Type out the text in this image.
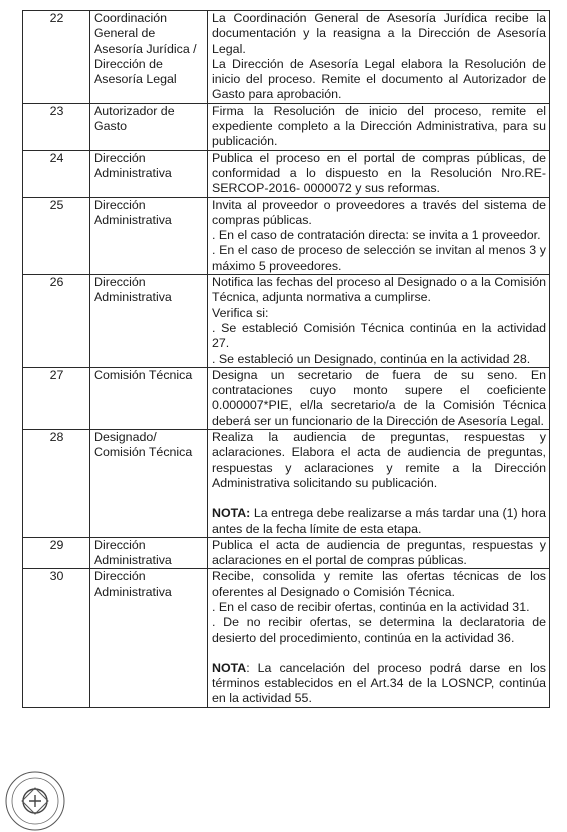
22	Coordinación General de Asesoría Jurídica / Dirección de Asesoría Legal	La Coordinación General de Asesoría Jurídica recibe la documentación y la reasigna a la Dirección de Asesoría Legal.
La Dirección de Asesoría Legal elabora la Resolución de inicio del proceso. Remite el documento al Autorizador de Gasto para aprobación.

23	Autorizador de Gasto	Firma la Resolución de inicio del proceso, remite el expediente completo a la Dirección Administrativa, para su publicación.

24	Dirección Administrativa	Publica el proceso en el portal de compras públicas, de conformidad a lo dispuesto en la Resolución Nro.RE-SERCOP-2016- 0000072 y sus reformas.

25	Dirección Administrativa	Invita al proveedor o proveedores a través del sistema de compras públicas.
. En el caso de contratación directa: se invita a 1 proveedor.
. En el caso de proceso de selección se invitan al menos 3 y máximo 5 proveedores.

26	Dirección Administrativa	Notifica las fechas del proceso al Designado o a la Comisión Técnica, adjunta normativa a cumplirse.
Verifica si:
. Se estableció Comisión Técnica continúa en la actividad 27.
. Se estableció un Designado, continúa en la actividad 28.

27	Comisión Técnica	Designa un secretario de fuera de su seno. En contrataciones cuyo monto supere el coeficiente 0.000007*PIE, el/la secretario/a de la Comisión Técnica deberá ser un funcionario de la Dirección de Asesoría Legal.

28	Designado/ Comisión Técnica	Realiza la audiencia de preguntas, respuestas y aclaraciones. Elabora el acta de audiencia de preguntas, respuestas y aclaraciones y remite a la Dirección Administrativa solicitando su publicación.
NOTA: La entrega debe realizarse a más tardar una (1) hora antes de la fecha límite de esta etapa.

29	Dirección Administrativa	Publica el acta de audiencia de preguntas, respuestas y aclaraciones en el portal de compras públicas.

30	Dirección Administrativa	Recibe, consolida y remite las ofertas técnicas de los oferentes al Designado o Comisión Técnica.
. En el caso de recibir ofertas, continúa en la actividad 31.
. De no recibir ofertas, se determina la declaratoria de desierto del procedimiento, continúa en la actividad 36.
NOTA: La cancelación del proceso podrá darse en los términos establecidos en el Art.34 de la LOSNCP, continúa en la actividad 55.
